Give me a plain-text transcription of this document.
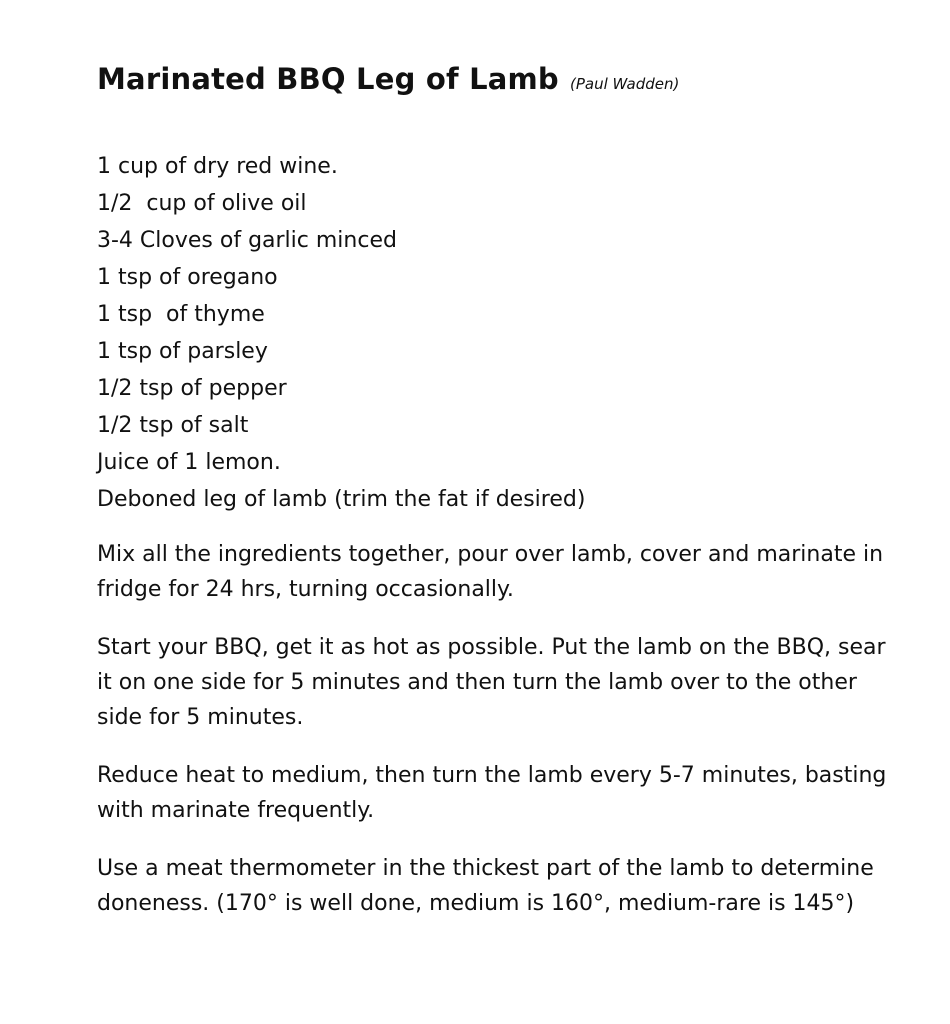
Marinated BBQ Leg of Lamb (Paul Wadden)
1 cup of dry red wine.
1/2  cup of olive oil
3-4 Cloves of garlic minced
1 tsp of oregano
1 tsp  of thyme
1 tsp of parsley
1/2 tsp of pepper
1/2 tsp of salt
Juice of 1 lemon.
Deboned leg of lamb (trim the fat if desired)

Mix all the ingredients together, pour over lamb, cover and marinate in fridge for 24 hrs, turning occasionally.

Start your BBQ, get it as hot as possible. Put the lamb on the BBQ, sear it on one side for 5 minutes and then turn the lamb over to the other side for 5 minutes.

Reduce heat to medium, then turn the lamb every 5-7 minutes, basting with marinate frequently.

Use a meat thermometer in the thickest part of the lamb to determine doneness. (170° is well done, medium is 160°, medium-rare is 145°)
